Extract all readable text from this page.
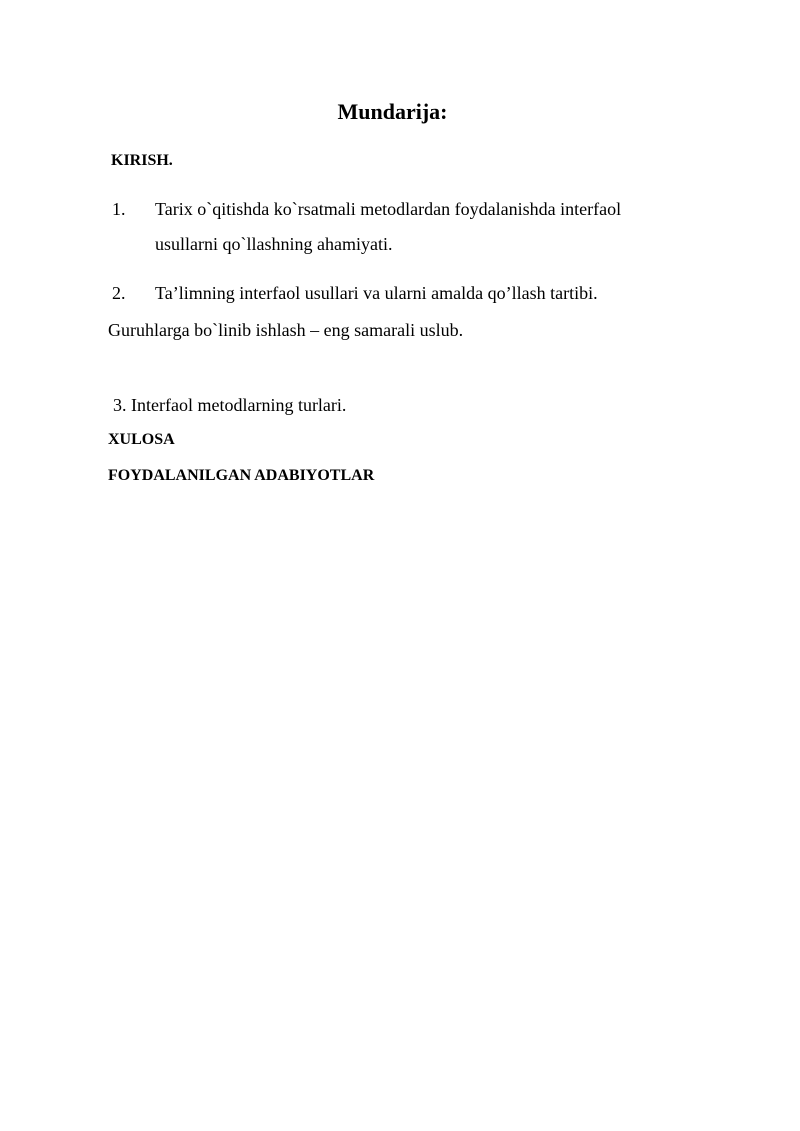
Mundarija:
KIRISH.
1. Tarix o`qitishda ko`rsatmali metodlardan foydalanishda interfaol
usullarni qo`llashning ahamiyati.
2. Ta’limning interfaol usullari va ularni amalda qo’llash tartibi.
Guruhlarga bo`linib ishlash – eng samarali uslub.
3. Interfaol metodlarning turlari.
XULOSA
FOYDALANILGAN ADABIYOTLAR
